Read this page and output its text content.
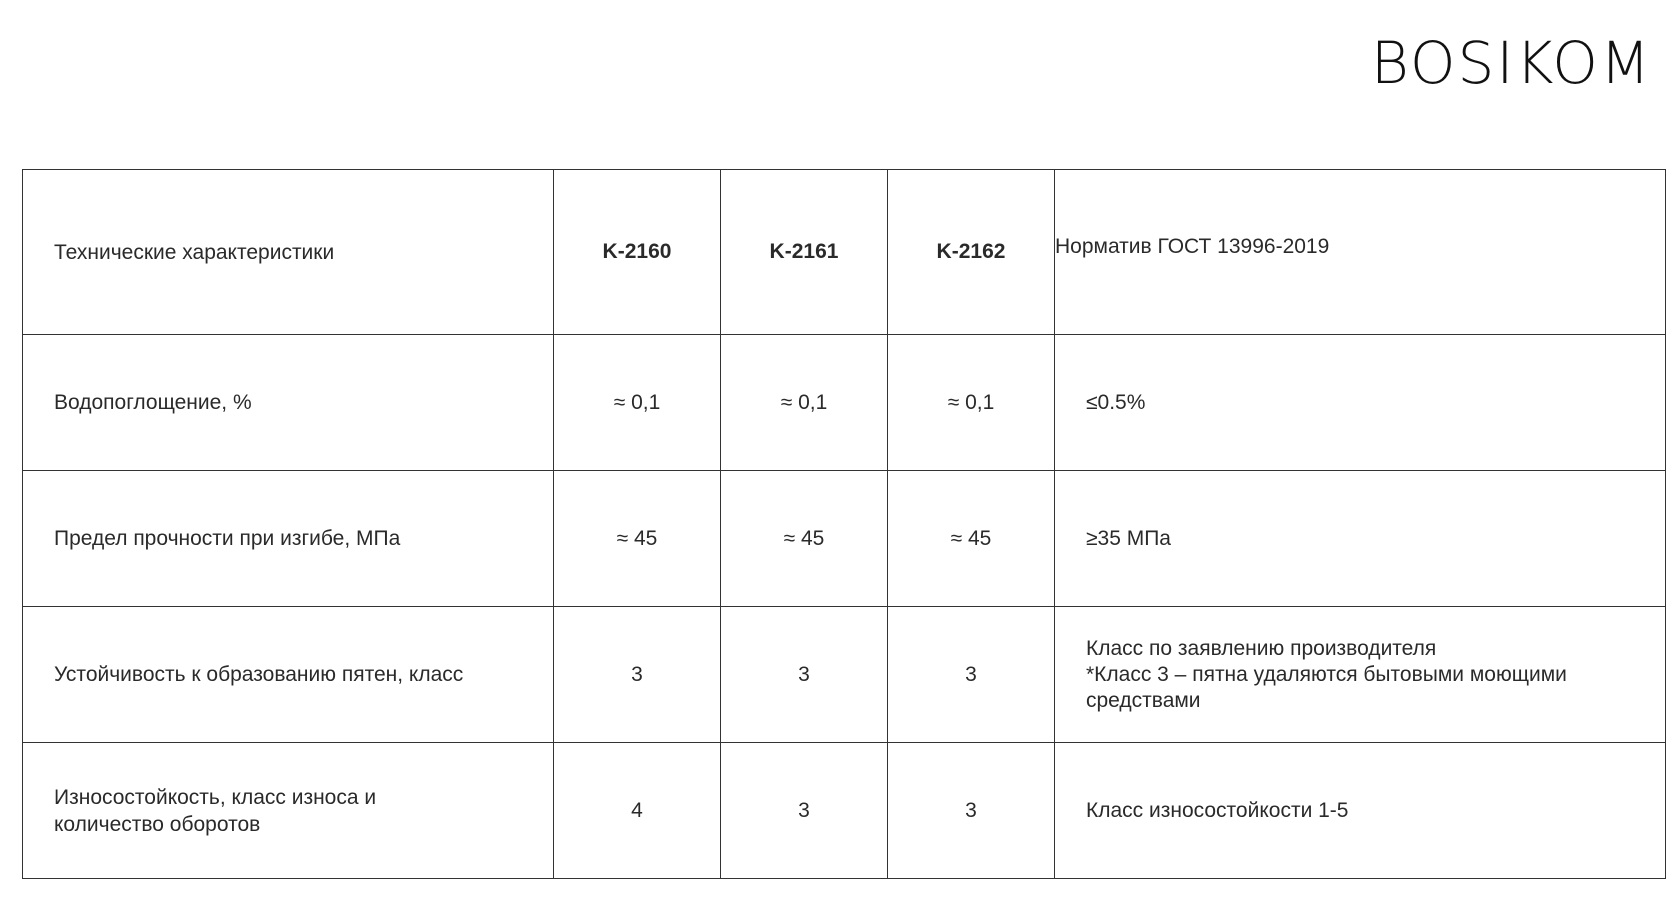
BOSIKOM
Технические характеристики	K-2160	K-2161	K-2162	Норматив ГОСТ 13996-2019

Водопоглощение, %	≈ 0,1	≈ 0,1	≈ 0,1	≤0.5%

Предел прочности при изгибе, МПа	≈ 45	≈ 45	≈ 45	≥35 МПа

Устойчивость к образованию пятен, класс	3	3	3	Класс по заявлению производителя
*Класс 3 – пятна удаляются бытовыми моющими
средствами

Износостойкость, класс износа и
количество оборотов	4	3	3	Класс износостойкости 1-5
